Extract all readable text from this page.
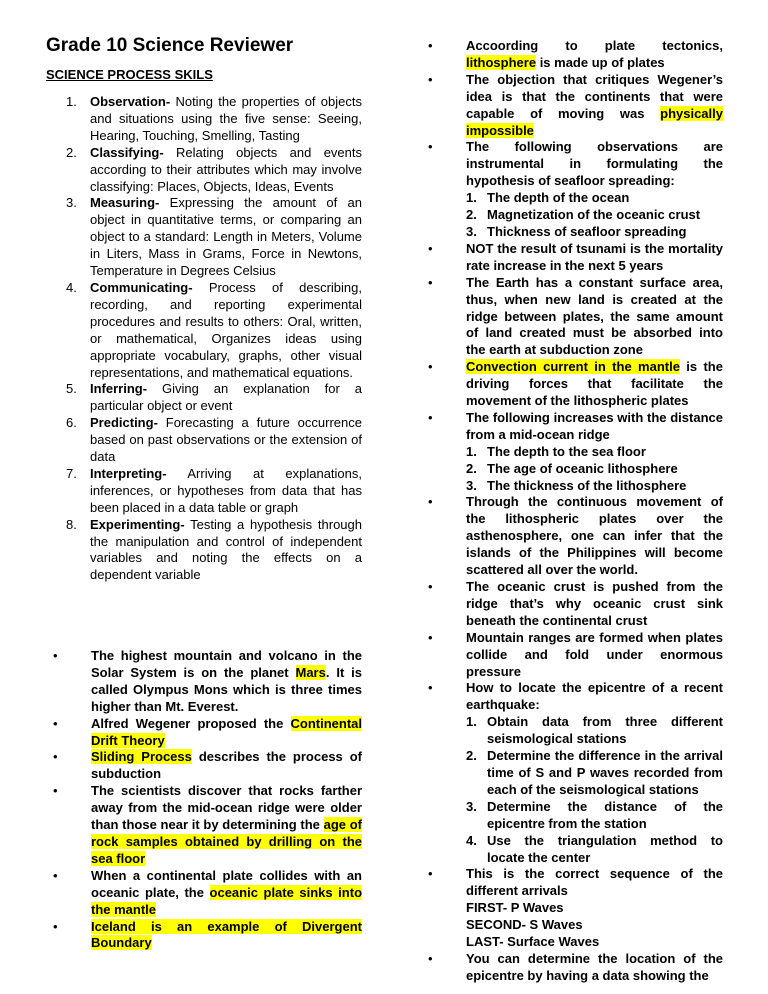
Grade 10 Science Reviewer
SCIENCE PROCESS SKILS
1. Observation- Noting the properties of objects and situations using the five sense: Seeing, Hearing, Touching, Smelling, Tasting
2. Classifying- Relating objects and events according to their attributes which may involve classifying: Places, Objects, Ideas, Events
3. Measuring- Expressing the amount of an object in quantitative terms, or comparing an object to a standard: Length in Meters, Volume in Liters, Mass in Grams, Force in Newtons, Temperature in Degrees Celsius
4. Communicating- Process of describing, recording, and reporting experimental procedures and results to others: Oral, written, or mathematical, Organizes ideas using appropriate vocabulary, graphs, other visual representations, and mathematical equations.
5. Inferring- Giving an explanation for a particular object or event
6. Predicting- Forecasting a future occurrence based on past observations or the extension of data
7. Interpreting- Arriving at explanations, inferences, or hypotheses from data that has been placed in a data table or graph
8. Experimenting- Testing a hypothesis through the manipulation and control of independent variables and noting the effects on a dependent variable
• The highest mountain and volcano in the Solar System is on the planet Mars. It is called Olympus Mons which is three times higher than Mt. Everest.
• Alfred Wegener proposed the Continental Drift Theory
• Sliding Process describes the process of subduction
• The scientists discover that rocks farther away from the mid-ocean ridge were older than those near it by determining the age of rock samples obtained by drilling on the sea floor
• When a continental plate collides with an oceanic plate, the oceanic plate sinks into the mantle
• Iceland is an example of Divergent Boundary
• Accoording to plate tectonics, lithosphere is made up of plates
• The objection that critiques Wegener’s idea is that the continents that were capable of moving was physically impossible
• The following observations are instrumental in formulating the hypothesis of seafloor spreading:
1. The depth of the ocean
2. Magnetization of the oceanic crust
3. Thickness of seafloor spreading
• NOT the result of tsunami is the mortality rate increase in the next 5 years
• The Earth has a constant surface area, thus, when new land is created at the ridge between plates, the same amount of land created must be absorbed into the earth at subduction zone
• Convection current in the mantle is the driving forces that facilitate the movement of the lithospheric plates
• The following increases with the distance from a mid-ocean ridge
1. The depth to the sea floor
2. The age of oceanic lithosphere
3. The thickness of the lithosphere
• Through the continuous movement of the lithospheric plates over the asthenosphere, one can infer that the islands of the Philippines will become scattered all over the world.
• The oceanic crust is pushed from the ridge that’s why oceanic crust sink beneath the continental crust
• Mountain ranges are formed when plates collide and fold under enormous pressure
• How to locate the epicentre of a recent earthquake:
1. Obtain data from three different seismological stations
2. Determine the difference in the arrival time of S and P waves recorded from each of the seismological stations
3. Determine the distance of the epicentre from the station
4. Use the triangulation method to locate the center
• This is the correct sequence of the different arrivals
FIRST- P Waves
SECOND- S Waves
LAST- Surface Waves
• You can determine the location of the epicentre by having a data showing the
